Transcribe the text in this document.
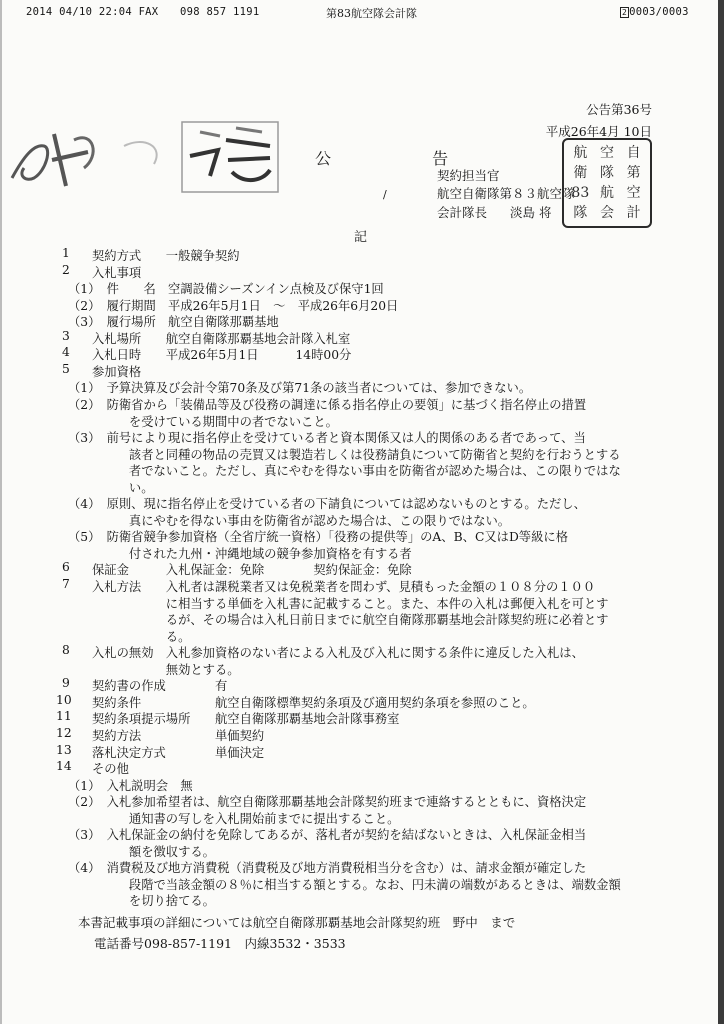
2014 04/10 22:04 FAX 098 857 1191	第83航空隊会計隊	2 0003/0003
公告第36号
平成26年4月 10日
公 告
契約担当官
航空自衛隊第８３航空隊
会計隊長 淡島 将
/
航 空 自
衛 隊 第
83 航 空
隊 会 計
記
1 契約方式　　一般競争契約
2 入札事項
（1）　件　　名　空調設備シーズンイン点検及び保守1回
（2）　履行期間　平成26年5月1日　～　平成26年6月20日
（3）　履行場所　航空自衛隊那覇基地
3 入札場所　　航空自衛隊那覇基地会計隊入札室
4 入札日時　　平成26年5月1日　　　14時00分
5 参加資格
（1）　予算決算及び会計令第70条及び第71条の該当者については、参加できない。
（2）　防衛省から「装備品等及び役務の調達に係る指名停止の要領」に基づく指名停止の措置
　　　を受けている期間中の者でないこと。
（3）　前号により現に指名停止を受けている者と資本関係又は人的関係のある者であって、当
　　　該者と同種の物品の売買又は製造若しくは役務請負について防衛省と契約を行おうとする
　　　者でないこと。ただし、真にやむを得ない事由を防衛省が認めた場合は、この限りではな
　　　い。
（4）　原則、現に指名停止を受けている者の下請負については認めないものとする。ただし、
　　　真にやむを得ない事由を防衛省が認めた場合は、この限りではない。
（5）　防衛省競争参加資格（全省庁統一資格）「役務の提供等」のA、B、C又はD等級に格
　　　付された九州・沖縄地域の競争参加資格を有する者
6 保証金　　　入札保証金：免除　　　　契約保証金：免除
7 入札方法　　入札者は課税業者又は免税業者を問わず、見積もった金額の１０８分の１００
　　　　　　に相当する単価を入札書に記載すること。また、本件の入札は郵便入札を可とす
　　　　　　るが、その場合は入札日前日までに航空自衛隊那覇基地会計隊契約班に必着とす
　　　　　　る。
8 入札の無効　入札参加資格のない者による入札及び入札に関する条件に違反した入札は、
　　　　　　無効とする。
9 契約書の作成　　　　有
10 契約条件　　　　　　航空自衛隊標準契約条項及び適用契約条項を参照のこと。
11 契約条項提示場所　　航空自衛隊那覇基地会計隊事務室
12 契約方法　　　　　　単価契約
13 落札決定方式　　　　単価決定
14 その他
（1）　入札説明会　無
（2）　入札参加希望者は、航空自衛隊那覇基地会計隊契約班まで連絡するとともに、資格決定
　　　通知書の写しを入札開始前までに提出すること。
（3）　入札保証金の納付を免除してあるが、落札者が契約を結ばないときは、入札保証金相当
　　　額を徴収する。
（4）　消費税及び地方消費税（消費税及び地方消費税相当分を含む）は、請求金額が確定した
　　　段階で当該金額の８％に相当する額とする。なお、円未満の端数があるときは、端数金額
　　　を切り捨てる。
本書記載事項の詳細については航空自衛隊那覇基地会計隊契約班　野中　まで
電話番号098-857-1191　内線3532・3533
